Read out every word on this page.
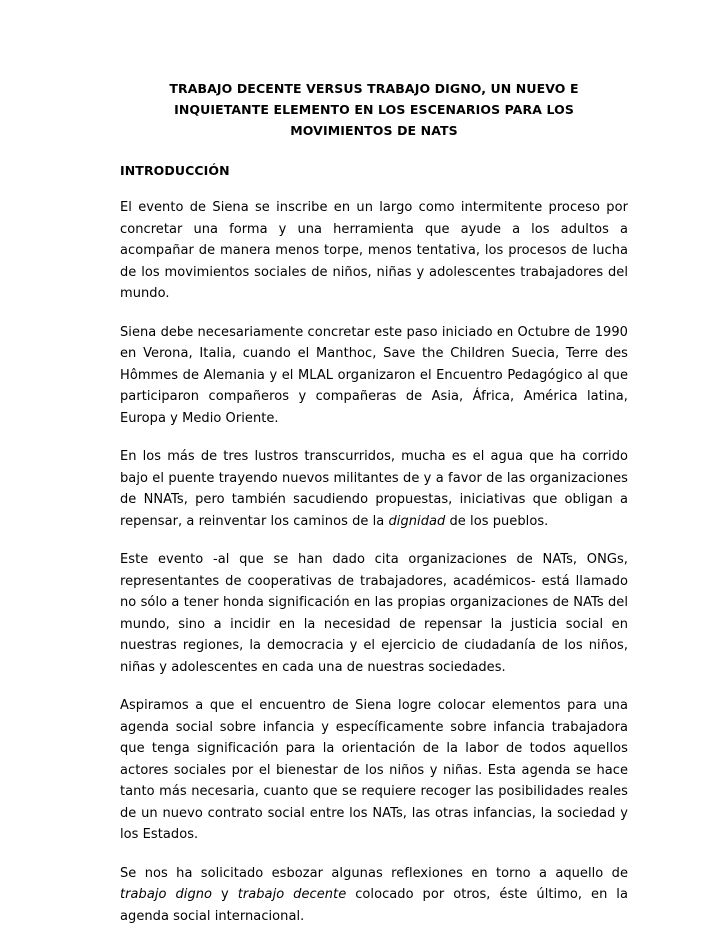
TRABAJO DECENTE VERSUS TRABAJO DIGNO, UN NUEVO E
INQUIETANTE ELEMENTO EN LOS ESCENARIOS PARA LOS
MOVIMIENTOS DE NATS
INTRODUCCIÓN

El evento de Siena se inscribe en un largo como intermitente proceso por concretar una forma y una herramienta que ayude a los adultos a acompañar de manera menos torpe, menos tentativa, los procesos de lucha de los movimientos sociales de niños, niñas y adolescentes trabajadores del mundo.

Siena debe necesariamente concretar este paso iniciado en Octubre de 1990 en Verona, Italia, cuando el Manthoc, Save the Children Suecia, Terre des Hômmes de Alemania y el MLAL organizaron el Encuentro Pedagógico al que participaron compañeros y compañeras de Asia, África, América latina, Europa y Medio Oriente.

En los más de tres lustros transcurridos, mucha es el agua que ha corrido bajo el puente trayendo nuevos militantes de y a favor de las organizaciones de NNATs, pero también sacudiendo propuestas, iniciativas que obligan a repensar, a reinventar los caminos de la dignidad de los pueblos.

Este evento -al que se han dado cita organizaciones de NATs, ONGs, representantes de cooperativas de trabajadores, académicos- está llamado no sólo a tener honda significación en las propias organizaciones de NATs del mundo, sino a incidir en la necesidad de repensar la justicia social en nuestras regiones, la democracia y el ejercicio de ciudadanía de los niños, niñas y adolescentes en cada una de nuestras sociedades.

Aspiramos a que el encuentro de Siena logre colocar elementos para una agenda social sobre infancia y específicamente sobre infancia trabajadora que tenga significación para la orientación de la labor de todos aquellos actores sociales por el bienestar de los niños y niñas. Esta agenda se hace tanto más necesaria, cuanto que se requiere recoger las posibilidades reales de un nuevo contrato social entre los NATs, las otras infancias, la sociedad y los Estados.

Se nos ha solicitado esbozar algunas reflexiones en torno a aquello de trabajo digno y trabajo decente colocado por otros, éste último, en la agenda social internacional.
